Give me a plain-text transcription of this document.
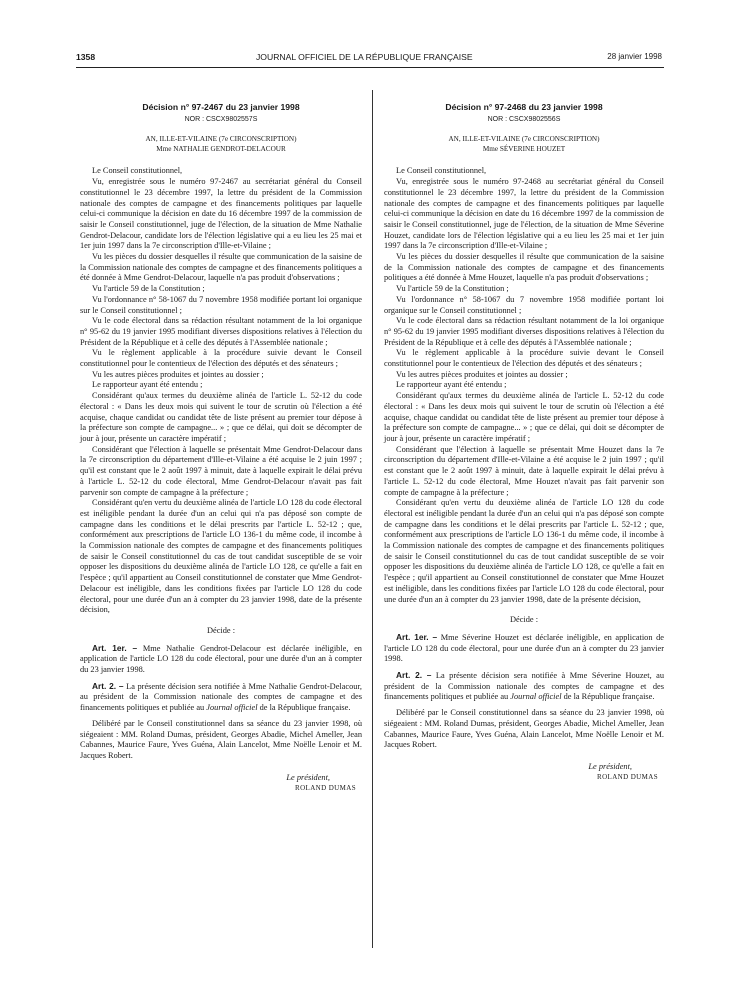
1358	JOURNAL OFFICIEL DE LA RÉPUBLIQUE FRANÇAISE	28 janvier 1998
Décision n° 97-2467 du 23 janvier 1998
NOR : CSCX9802557S
AN, ILLE-ET-VILAINE (7e CIRCONSCRIPTION)
Mme NATHALIE GENDROT-DELACOUR

Le Conseil constitutionnel,

Vu, enregistrée sous le numéro 97-2467 au secrétariat général du Conseil constitutionnel le 23 décembre 1997, la lettre du président de la Commission nationale des comptes de campagne et des financements politiques par laquelle celui-ci communique la décision en date du 16 décembre 1997 de la commission de saisir le Conseil constitutionnel, juge de l'élection, de la situation de Mme Nathalie Gendrot-Delacour, candidate lors de l'élection législative qui a eu lieu les 25 mai et 1er juin 1997 dans la 7e circonscription d'Ille-et-Vilaine ;

Vu les pièces du dossier desquelles il résulte que communication de la saisine de la Commission nationale des comptes de campagne et des financements politiques a été donnée à Mme Gendrot-Delacour, laquelle n'a pas produit d'observations ;

Vu l'article 59 de la Constitution ;

Vu l'ordonnance n° 58-1067 du 7 novembre 1958 modifiée portant loi organique sur le Conseil constitutionnel ;

Vu le code électoral dans sa rédaction résultant notamment de la loi organique n° 95-62 du 19 janvier 1995 modifiant diverses dispositions relatives à l'élection du Président de la République et à celle des députés à l'Assemblée nationale ;

Vu le règlement applicable à la procédure suivie devant le Conseil constitutionnel pour le contentieux de l'élection des députés et des sénateurs ;

Vu les autres pièces produites et jointes au dossier ;

Le rapporteur ayant été entendu ;

Considérant qu'aux termes du deuxième alinéa de l'article L. 52-12 du code électoral : « Dans les deux mois qui suivent le tour de scrutin où l'élection a été acquise, chaque candidat ou candidat tête de liste présent au premier tour dépose à la préfecture son compte de campagne... » ; que ce délai, qui doit se décompter de jour à jour, présente un caractère impératif ;

Considérant que l'élection à laquelle se présentait Mme Gendrot-Delacour dans la 7e circonscription du département d'Ille-et-Vilaine a été acquise le 2 juin 1997 ; qu'il est constant que le 2 août 1997 à minuit, date à laquelle expirait le délai prévu à l'article L. 52-12 du code électoral, Mme Gendrot-Delacour n'avait pas fait parvenir son compte de campagne à la préfecture ;

Considérant qu'en vertu du deuxième alinéa de l'article LO 128 du code électoral est inéligible pendant la durée d'un an celui qui n'a pas déposé son compte de campagne dans les conditions et le délai prescrits par l'article L. 52-12 ; que, conformément aux prescriptions de l'article LO 136-1 du même code, il incombe à la Commission nationale des comptes de campagne et des financements politiques de saisir le Conseil constitutionnel du cas de tout candidat susceptible de se voir opposer les dispositions du deuxième alinéa de l'article LO 128, ce qu'elle a fait en l'espèce ; qu'il appartient au Conseil constitutionnel de constater que Mme Gendrot-Delacour est inéligible, dans les conditions fixées par l'article LO 128 du code électoral, pour une durée d'un an à compter du 23 janvier 1998, date de la présente décision,

Décide :

Art. 1er. – Mme Nathalie Gendrot-Delacour est déclarée inéligible, en application de l'article LO 128 du code électoral, pour une durée d'un an à compter du 23 janvier 1998.

Art. 2. – La présente décision sera notifiée à Mme Nathalie Gendrot-Delacour, au président de la Commission nationale des comptes de campagne et des financements politiques et publiée au Journal officiel de la République française.

Délibéré par le Conseil constitutionnel dans sa séance du 23 janvier 1998, où siégeaient : MM. Roland Dumas, président, Georges Abadie, Michel Ameller, Jean Cabannes, Maurice Faure, Yves Guéna, Alain Lancelot, Mme Noëlle Lenoir et M. Jacques Robert.

Le président,
ROLAND DUMAS
Décision n° 97-2468 du 23 janvier 1998
NOR : CSCX9802556S
AN, ILLE-ET-VILAINE (7e CIRCONSCRIPTION)
Mme SÉVERINE HOUZET

Le Conseil constitutionnel,

Vu, enregistrée sous le numéro 97-2468 au secrétariat général du Conseil constitutionnel le 23 décembre 1997, la lettre du président de la Commission nationale des comptes de campagne et des financements politiques par laquelle celui-ci communique la décision en date du 16 décembre 1997 de la commission de saisir le Conseil constitutionnel, juge de l'élection, de la situation de Mme Séverine Houzet, candidate lors de l'élection législative qui a eu lieu les 25 mai et 1er juin 1997 dans la 7e circonscription d'Ille-et-Vilaine ;

Vu les pièces du dossier desquelles il résulte que communication de la saisine de la Commission nationale des comptes de campagne et des financements politiques a été donnée à Mme Houzet, laquelle n'a pas produit d'observations ;

Vu l'article 59 de la Constitution ;

Vu l'ordonnance n° 58-1067 du 7 novembre 1958 modifiée portant loi organique sur le Conseil constitutionnel ;

Vu le code électoral dans sa rédaction résultant notamment de la loi organique n° 95-62 du 19 janvier 1995 modifiant diverses dispositions relatives à l'élection du Président de la République et à celle des députés à l'Assemblée nationale ;

Vu le règlement applicable à la procédure suivie devant le Conseil constitutionnel pour le contentieux de l'élection des députés et des sénateurs ;

Vu les autres pièces produites et jointes au dossier ;

Le rapporteur ayant été entendu ;

Considérant qu'aux termes du deuxième alinéa de l'article L. 52-12 du code électoral : « Dans les deux mois qui suivent le tour de scrutin où l'élection a été acquise, chaque candidat ou candidat tête de liste présent au premier tour dépose à la préfecture son compte de campagne... » ; que ce délai, qui doit se décompter de jour à jour, présente un caractère impératif ;

Considérant que l'élection à laquelle se présentait Mme Houzet dans la 7e circonscription du département d'Ille-et-Vilaine a été acquise le 2 juin 1997 ; qu'il est constant que le 2 août 1997 à minuit, date à laquelle expirait le délai prévu à l'article L. 52-12 du code électoral, Mme Houzet n'avait pas fait parvenir son compte de campagne à la préfecture ;

Considérant qu'en vertu du deuxième alinéa de l'article LO 128 du code électoral est inéligible pendant la durée d'un an celui qui n'a pas déposé son compte de campagne dans les conditions et le délai prescrits par l'article L. 52-12 ; que, conformément aux prescriptions de l'article LO 136-1 du même code, il incombe à la Commission nationale des comptes de campagne et des financements politiques de saisir le Conseil constitutionnel du cas de tout candidat susceptible de se voir opposer les dispositions du deuxième alinéa de l'article LO 128, ce qu'elle a fait en l'espèce ; qu'il appartient au Conseil constitutionnel de constater que Mme Houzet est inéligible, dans les conditions fixées par l'article LO 128 du code électoral, pour une durée d'un an à compter du 23 janvier 1998, date de la présente décision,

Décide :

Art. 1er. – Mme Séverine Houzet est déclarée inéligible, en application de l'article LO 128 du code électoral, pour une durée d'un an à compter du 23 janvier 1998.

Art. 2. – La présente décision sera notifiée à Mme Séverine Houzet, au président de la Commission nationale des comptes de campagne et des financements politiques et publiée au Journal officiel de la République française.

Délibéré par le Conseil constitutionnel dans sa séance du 23 janvier 1998, où siégeaient : MM. Roland Dumas, président, Georges Abadie, Michel Ameller, Jean Cabannes, Maurice Faure, Yves Guéna, Alain Lancelot, Mme Noëlle Lenoir et M. Jacques Robert.

Le président,
ROLAND DUMAS
